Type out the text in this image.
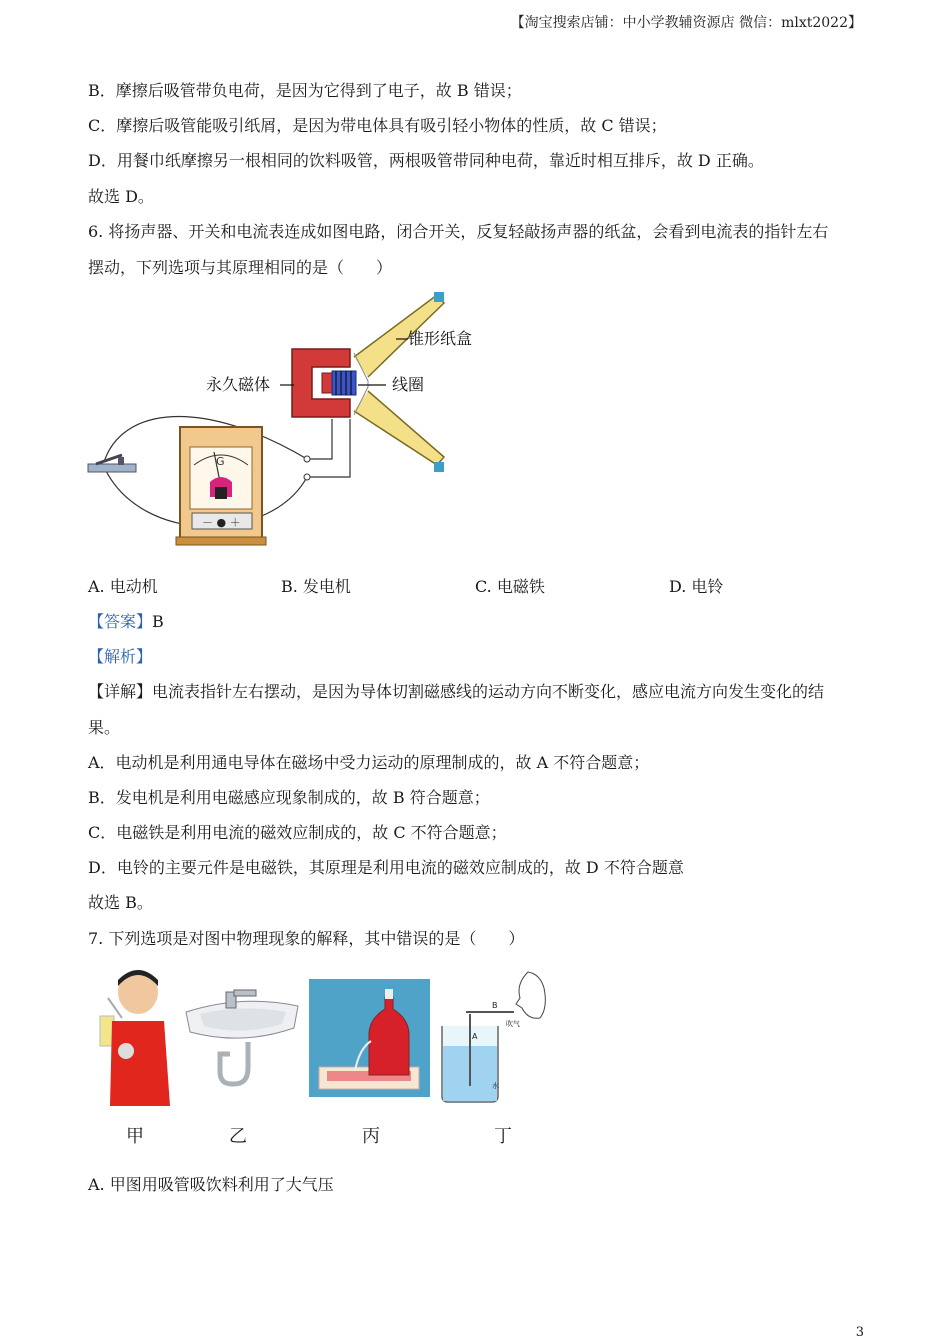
【淘宝搜索店铺：中小学教辅资源店 微信：mlxt2022】
B．摩擦后吸管带负电荷，是因为它得到了电子，故 B 错误；
C．摩擦后吸管能吸引纸屑，是因为带电体具有吸引轻小物体的性质，故 C 错误；
D．用餐巾纸摩擦另一根相同的饮料吸管，两根吸管带同种电荷，靠近时相互排斥，故 D 正确。
故选 D。
6. 将扬声器、开关和电流表连成如图电路，闭合开关，反复轻敲扬声器的纸盆，会看到电流表的指针左右
摆动，下列选项与其原理相同的是（　　）
G
－ ● ＋
锥形纸盒
永久磁体	线圈
A. 电动机	B. 发电机	C. 电磁铁	D. 电铃
【答案】B
【解析】
【详解】电流表指针左右摆动，是因为导体切割磁感线的运动方向不断变化，感应电流方向发生变化的结
果。
A．电动机是利用通电导体在磁场中受力运动的原理制成的，故 A 不符合题意；
B．发电机是利用电磁感应现象制成的，故 B 符合题意；
C．电磁铁是利用电流的磁效应制成的，故 C 不符合题意；
D．电铃的主要元件是电磁铁，其原理是利用电流的磁效应制成的，故 D 不符合题意
故选 B。
7. 下列选项是对图中物理现象的解释，其中错误的是（　　）
A
B
吹气
水
甲	乙	丙	丁
A. 甲图用吸管吸饮料利用了大气压
3
